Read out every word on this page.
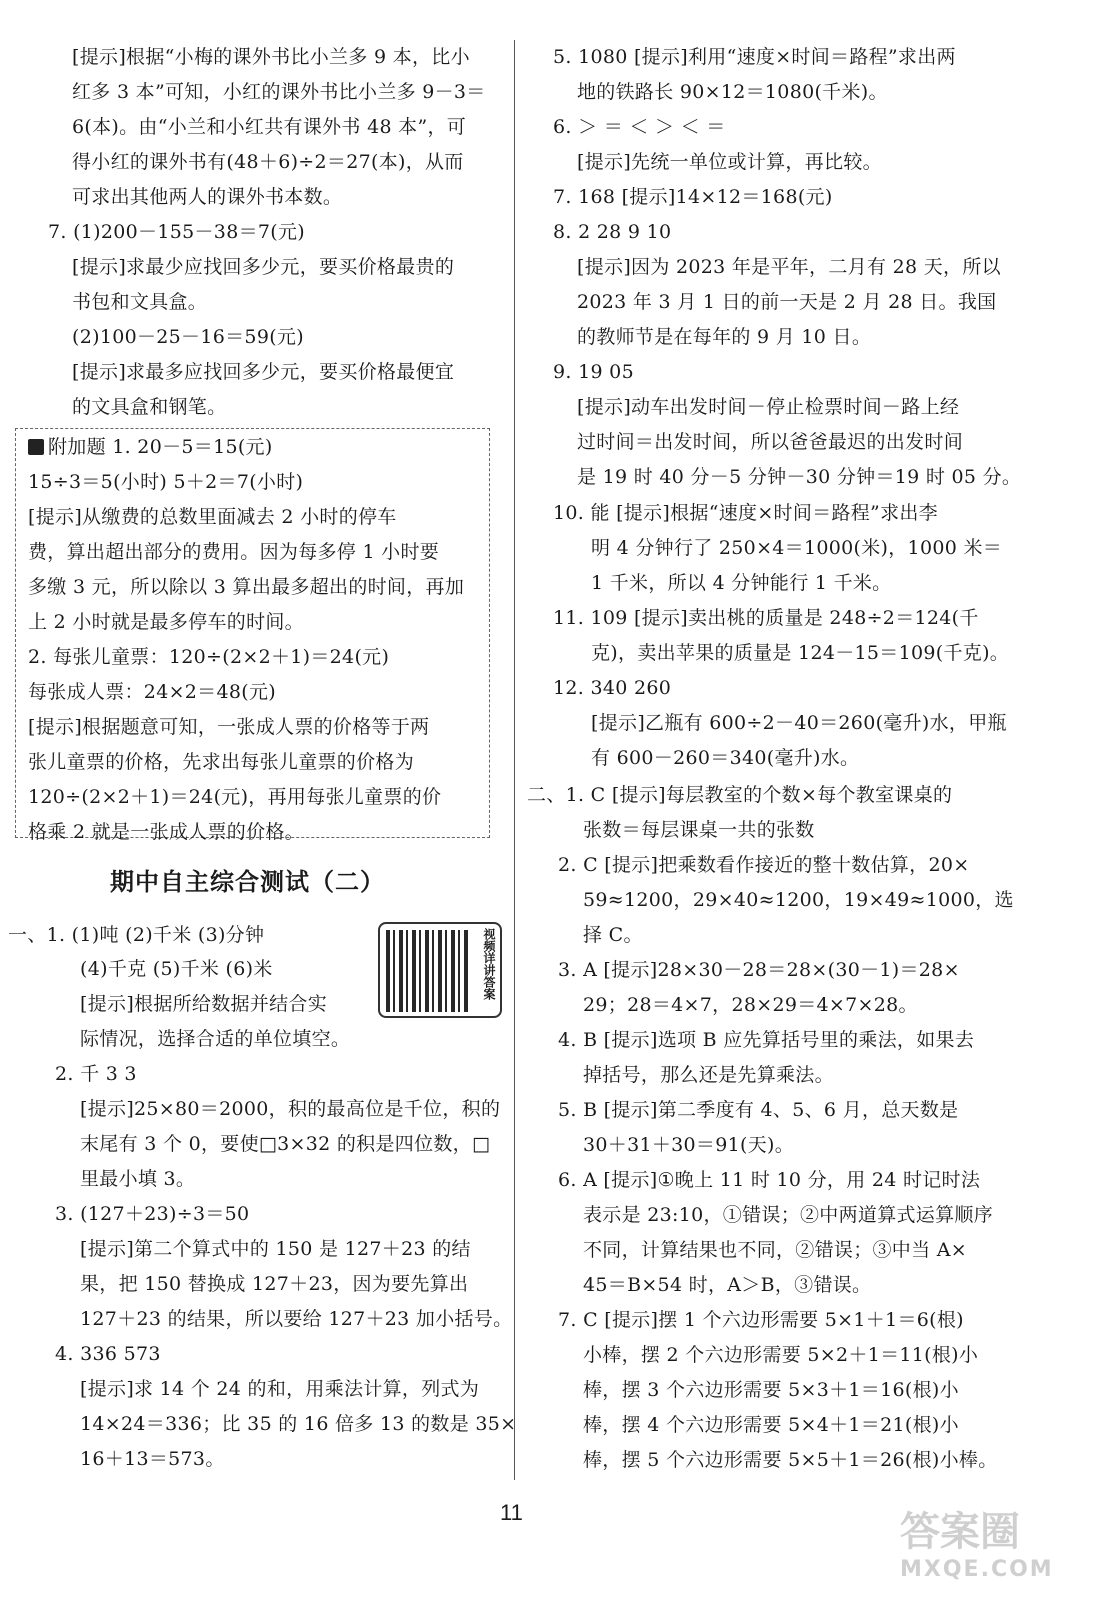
[提示]根据“小梅的课外书比小兰多 9 本，比小
红多 3 本”可知，小红的课外书比小兰多 9－3＝
6(本)。由“小兰和小红共有课外书 48 本”，可
得小红的课外书有(48＋6)÷2＝27(本)，从而
可求出其他两人的课外书本数。
7. (1)200－155－38＝7(元)
[提示]求最少应找回多少元，要买价格最贵的
书包和文具盒。
(2)100－25－16＝59(元)
[提示]求最多应找回多少元，要买价格最便宜
的文具盒和钢笔。
附加题 1. 20－5＝15(元)
15÷3＝5(小时) 5＋2＝7(小时)
[提示]从缴费的总数里面减去 2 小时的停车
费，算出超出部分的费用。因为每多停 1 小时要
多缴 3 元，所以除以 3 算出最多超出的时间，再加
上 2 小时就是最多停车的时间。
2. 每张儿童票：120÷(2×2＋1)＝24(元)
每张成人票：24×2＝48(元)
[提示]根据题意可知，一张成人票的价格等于两
张儿童票的价格，先求出每张儿童票的价格为
120÷(2×2＋1)＝24(元)，再用每张儿童票的价
格乘 2 就是一张成人票的价格。
期中自主综合测试（二）
视频详讲答案
一、1. (1)吨 (2)千米 (3)分钟
(4)千克 (5)千米 (6)米
[提示]根据所给数据并结合实
际情况，选择合适的单位填空。
2. 千 3 3
[提示]25×80＝2000，积的最高位是千位，积的
末尾有 3 个 0，要使□3×32 的积是四位数，□
里最小填 3。
3. (127＋23)÷3＝50
[提示]第二个算式中的 150 是 127＋23 的结
果，把 150 替换成 127＋23，因为要先算出
127＋23 的结果，所以要给 127＋23 加小括号。
4. 336 573
[提示]求 14 个 24 的和，用乘法计算，列式为
14×24＝336；比 35 的 16 倍多 13 的数是 35×
16＋13＝573。
5. 1080 [提示]利用“速度×时间＝路程”求出两
地的铁路长 90×12＝1080(千米)。
6. ＞ ＝ ＜ ＞ ＜ ＝
[提示]先统一单位或计算，再比较。
7. 168 [提示]14×12＝168(元)
8. 2 28 9 10
[提示]因为 2023 年是平年，二月有 28 天，所以
2023 年 3 月 1 日的前一天是 2 月 28 日。我国
的教师节是在每年的 9 月 10 日。
9. 19 05
[提示]动车出发时间－停止检票时间－路上经
过时间＝出发时间，所以爸爸最迟的出发时间
是 19 时 40 分－5 分钟－30 分钟＝19 时 05 分。
10. 能 [提示]根据“速度×时间＝路程”求出李
明 4 分钟行了 250×4＝1000(米)，1000 米＝
1 千米，所以 4 分钟能行 1 千米。
11. 109 [提示]卖出桃的质量是 248÷2＝124(千
克)，卖出苹果的质量是 124－15＝109(千克)。
12. 340 260
[提示]乙瓶有 600÷2－40＝260(毫升)水，甲瓶
有 600－260＝340(毫升)水。
二、1. C [提示]每层教室的个数×每个教室课桌的
张数＝每层课桌一共的张数
2. C [提示]把乘数看作接近的整十数估算，20×
59≈1200，29×40≈1200，19×49≈1000，选
择 C。
3. A [提示]28×30－28＝28×(30－1)＝28×
29；28＝4×7，28×29＝4×7×28。
4. B [提示]选项 B 应先算括号里的乘法，如果去
掉括号，那么还是先算乘法。
5. B [提示]第二季度有 4、5、6 月，总天数是
30＋31＋30＝91(天)。
6. A [提示]①晚上 11 时 10 分，用 24 时记时法
表示是 23:10，①错误；②中两道算式运算顺序
不同，计算结果也不同，②错误；③中当 A×
45＝B×54 时，A＞B，③错误。
7. C [提示]摆 1 个六边形需要 5×1＋1＝6(根)
小棒，摆 2 个六边形需要 5×2＋1＝11(根)小
棒，摆 3 个六边形需要 5×3＋1＝16(根)小
棒，摆 4 个六边形需要 5×4＋1＝21(根)小
棒，摆 5 个六边形需要 5×5＋1＝26(根)小棒。
11	答案圈
MXQE.COM
